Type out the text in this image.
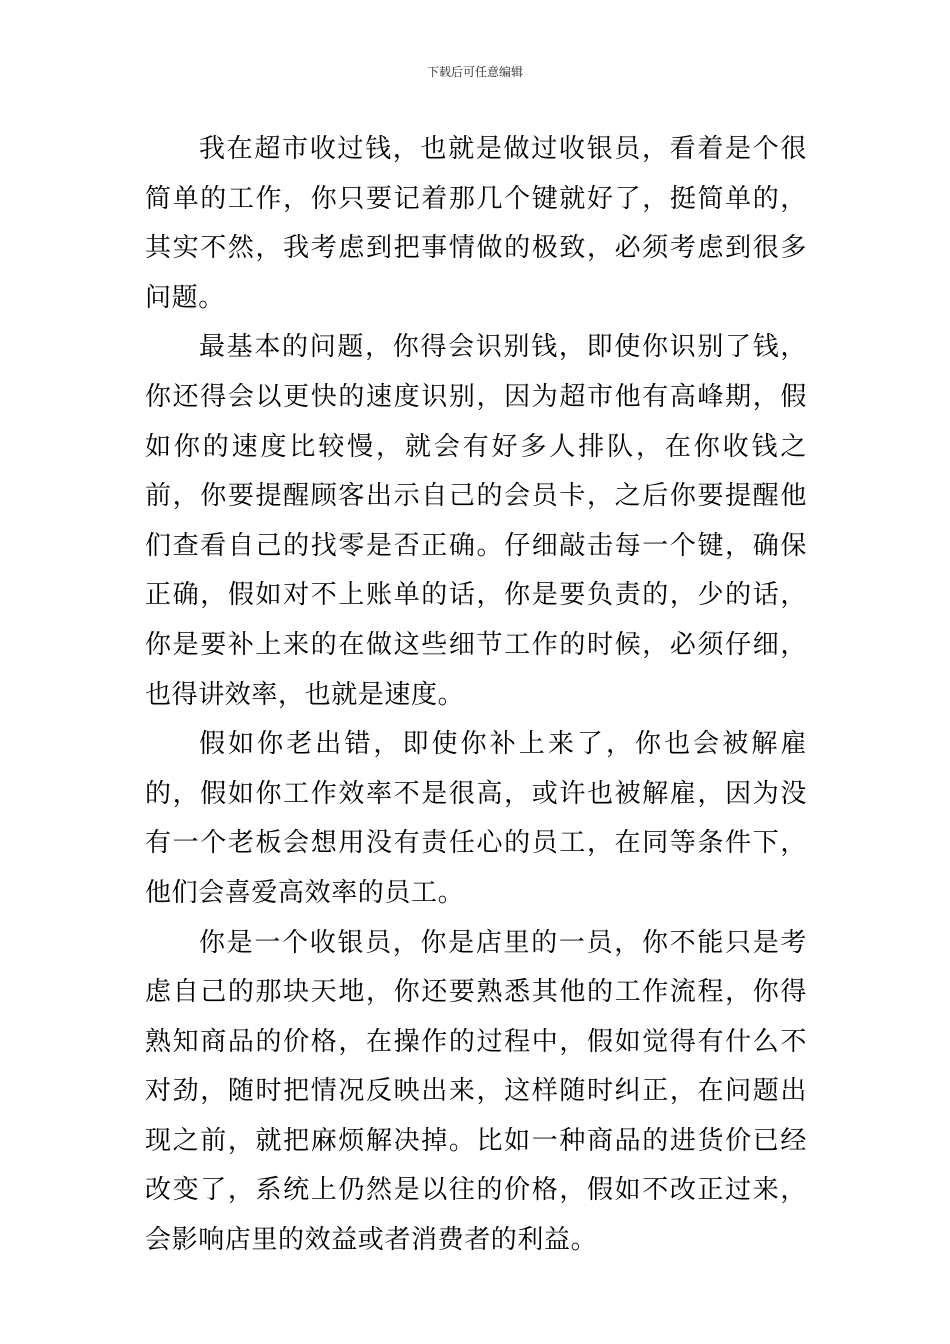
下载后可任意编辑

我在超市收过钱，也就是做过收银员，看着是个很简单的工作，你只要记着那几个键就好了，挺简单的，其实不然，我考虑到把事情做的极致，必须考虑到很多问题。

最基本的问题，你得会识别钱，即使你识别了钱，你还得会以更快的速度识别，因为超市他有高峰期，假如你的速度比较慢，就会有好多人排队，在你收钱之前，你要提醒顾客出示自己的会员卡，之后你要提醒他们查看自己的找零是否正确。仔细敲击每一个键，确保正确，假如对不上账单的话，你是要负责的，少的话，你是要补上来的在做这些细节工作的时候，必须仔细，也得讲效率，也就是速度。

假如你老出错，即使你补上来了，你也会被解雇的，假如你工作效率不是很高，或许也被解雇，因为没有一个老板会想用没有责任心的员工，在同等条件下，他们会喜爱高效率的员工。

你是一个收银员，你是店里的一员，你不能只是考虑自己的那块天地，你还要熟悉其他的工作流程，你得熟知商品的价格，在操作的过程中，假如觉得有什么不对劲，随时把情况反映出来，这样随时纠正，在问题出现之前，就把麻烦解决掉。比如一种商品的进货价已经改变了，系统上仍然是以往的价格，假如不改正过来，会影响店里的效益或者消费者的利益。
